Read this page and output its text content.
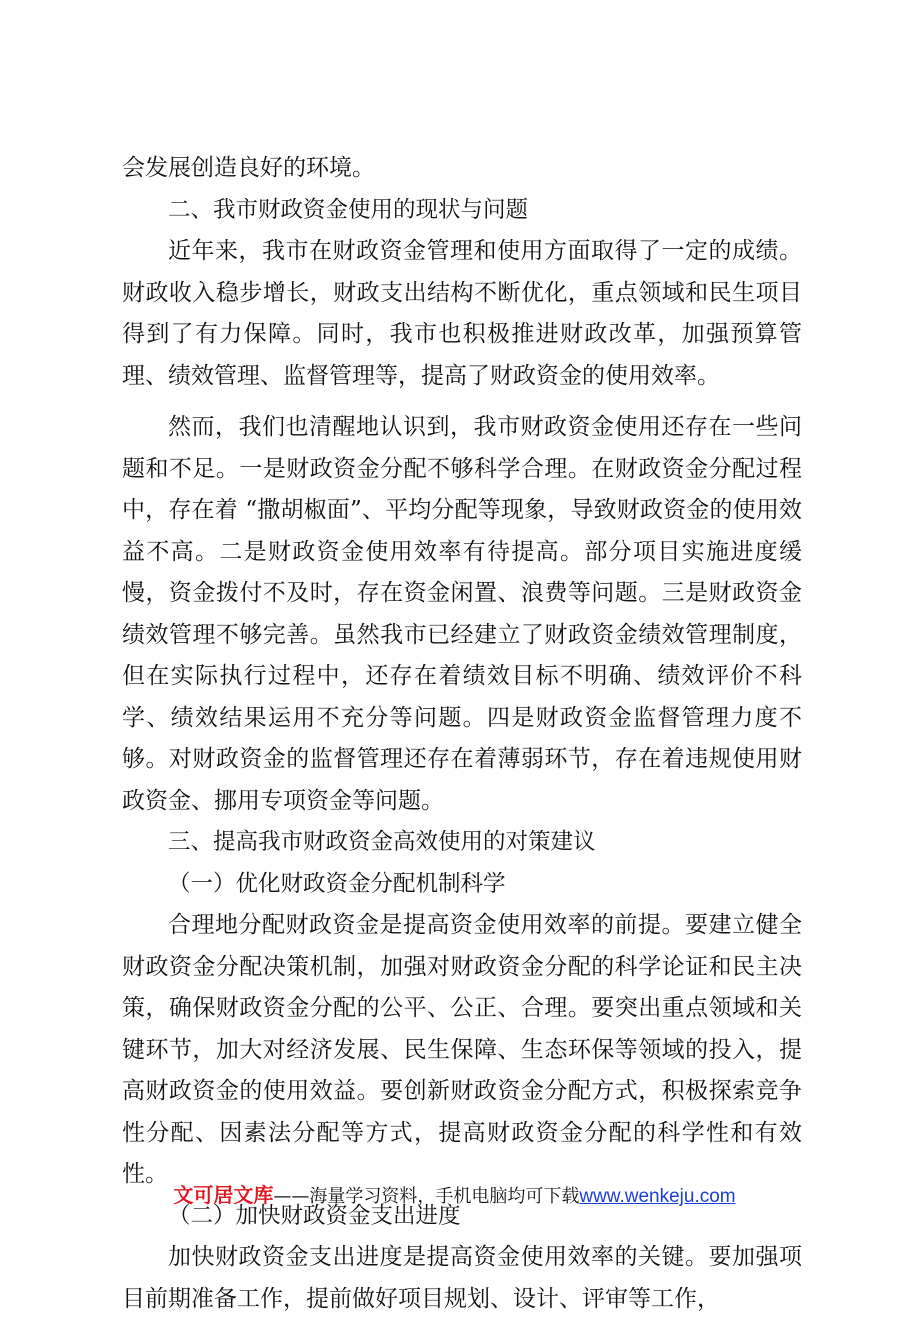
会发展创造良好的环境。

二、我市财政资金使用的现状与问题

近年来，我市在财政资金管理和使用方面取得了一定的成绩。财政收入稳步增长，财政支出结构不断优化，重点领域和民生项目得到了有力保障。同时，我市也积极推进财政改革，加强预算管理、绩效管理、监督管理等，提高了财政资金的使用效率。

然而，我们也清醒地认识到，我市财政资金使用还存在一些问题和不足。一是财政资金分配不够科学合理。在财政资金分配过程中，存在着 “撒胡椒面”、平均分配等现象，导致财政资金的使用效益不高。二是财政资金使用效率有待提高。部分项目实施进度缓慢，资金拨付不及时，存在资金闲置、浪费等问题。三是财政资金绩效管理不够完善。虽然我市已经建立了财政资金绩效管理制度，但在实际执行过程中，还存在着绩效目标不明确、绩效评价不科学、绩效结果运用不充分等问题。四是财政资金监督管理力度不够。对财政资金的监督管理还存在着薄弱环节，存在着违规使用财政资金、挪用专项资金等问题。

三、提高我市财政资金高效使用的对策建议

（一）优化财政资金分配机制科学

合理地分配财政资金是提高资金使用效率的前提。要建立健全财政资金分配决策机制，加强对财政资金分配的科学论证和民主决策，确保财政资金分配的公平、公正、合理。要突出重点领域和关键环节，加大对经济发展、民生保障、生态环保等领域的投入，提高财政资金的使用效益。要创新财政资金分配方式，积极探索竞争性分配、因素法分配等方式，提高财政资金分配的科学性和有效性。

（二）加快财政资金支出进度

加快财政资金支出进度是提高资金使用效率的关键。要加强项目前期准备工作，提前做好项目规划、设计、评审等工作，

文可居文库——海量学习资料，手机电脑均可下载www.wenkeju.com
